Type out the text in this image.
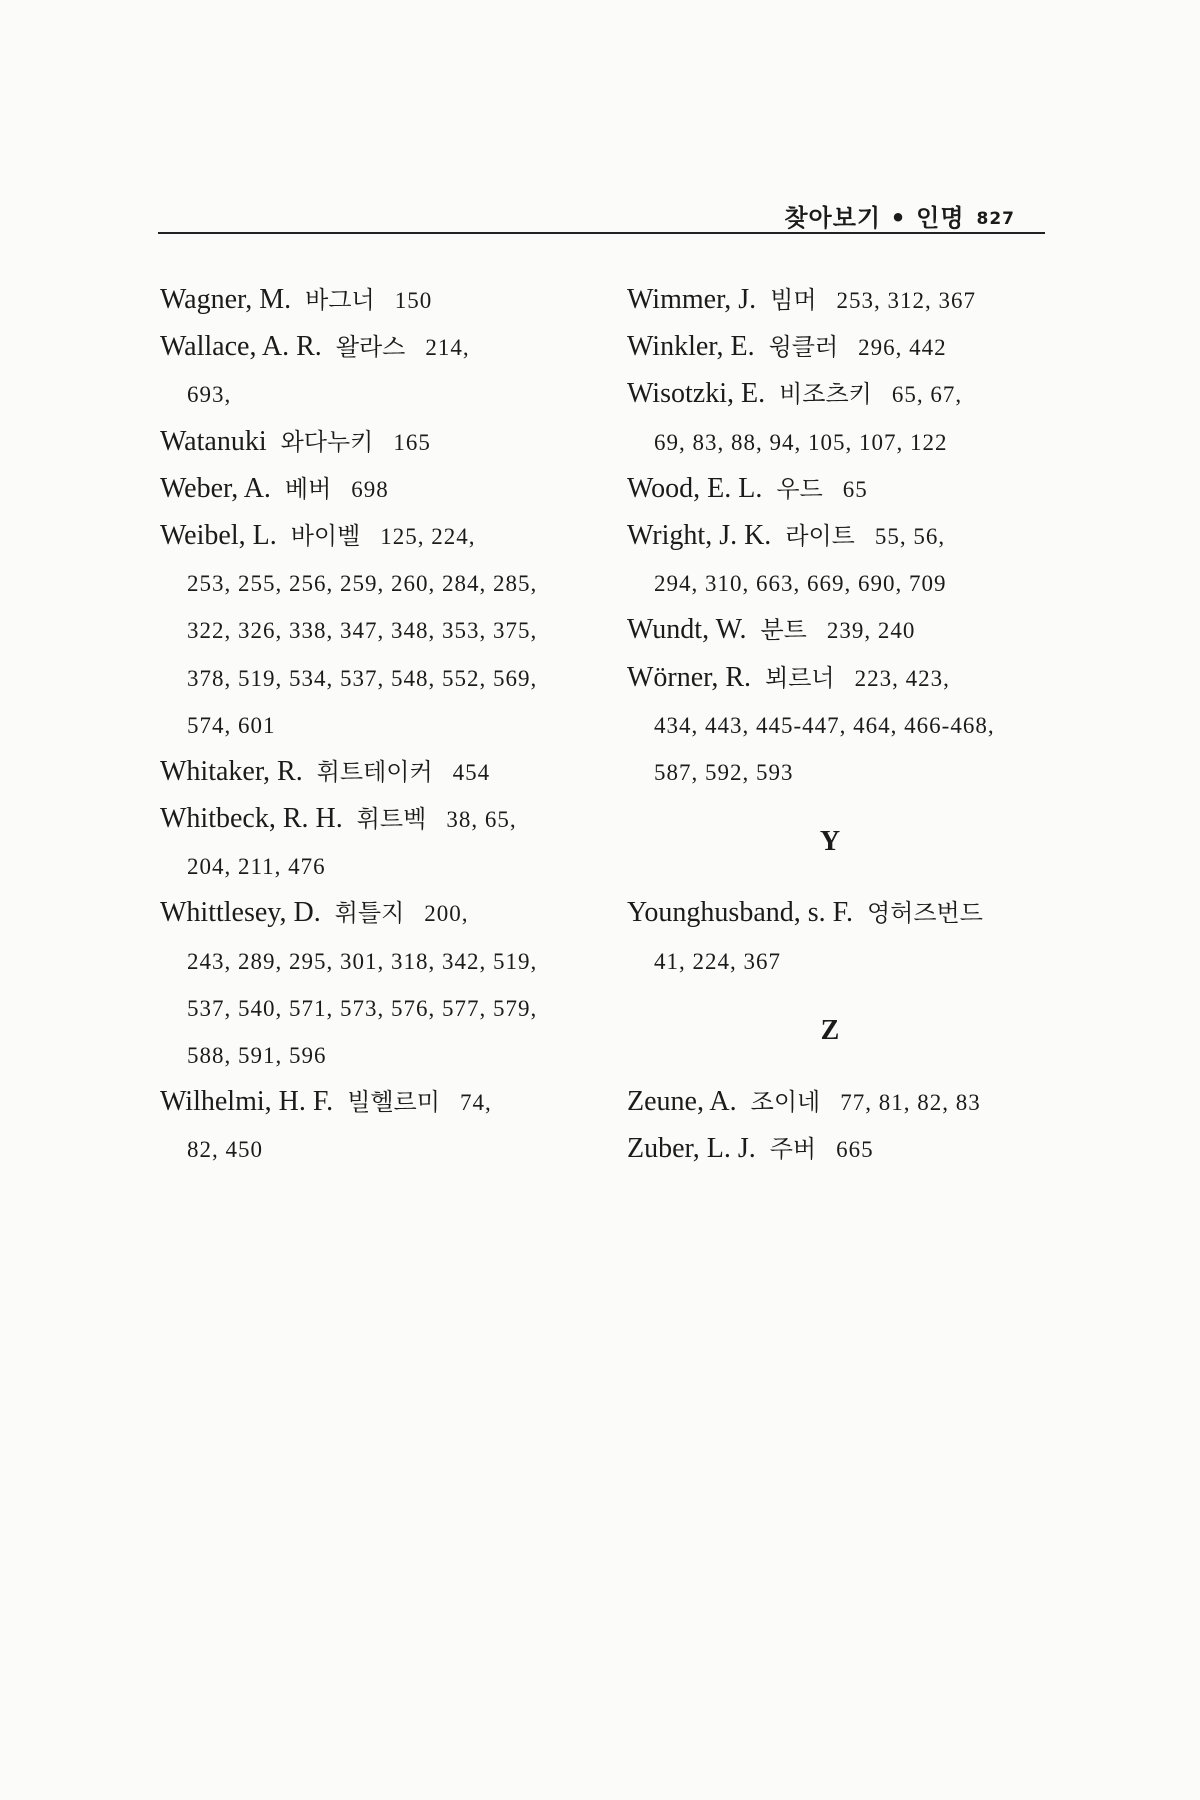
찾아보기 • 인명 827
Wagner, M. 바그너 150
Wallace, A. R. 왈라스 214,
693,
Watanuki 와다누키 165
Weber, A. 베버 698
Weibel, L. 바이벨 125, 224,
253, 255, 256, 259, 260, 284, 285,
322, 326, 338, 347, 348, 353, 375,
378, 519, 534, 537, 548, 552, 569,
574, 601
Whitaker, R. 휘트테이커 454
Whitbeck, R. H. 휘트벡 38, 65,
204, 211, 476
Whittlesey, D. 휘틀지 200,
243, 289, 295, 301, 318, 342, 519,
537, 540, 571, 573, 576, 577, 579,
588, 591, 596
Wilhelmi, H. F. 빌헬르미 74,
82, 450
Wimmer, J. 빔머 253, 312, 367
Winkler, E. 윙클러 296, 442
Wisotzki, E. 비조츠키 65, 67,
69, 83, 88, 94, 105, 107, 122
Wood, E. L. 우드 65
Wright, J. K. 라이트 55, 56,
294, 310, 663, 669, 690, 709
Wundt, W. 분트 239, 240
Wörner, R. 뵈르너 223, 423,
434, 443, 445-447, 464, 466-468,
587, 592, 593
Y
Younghusband, s. F. 영허즈번드
41, 224, 367
Z
Zeune, A. 조이네 77, 81, 82, 83
Zuber, L. J. 주버 665
